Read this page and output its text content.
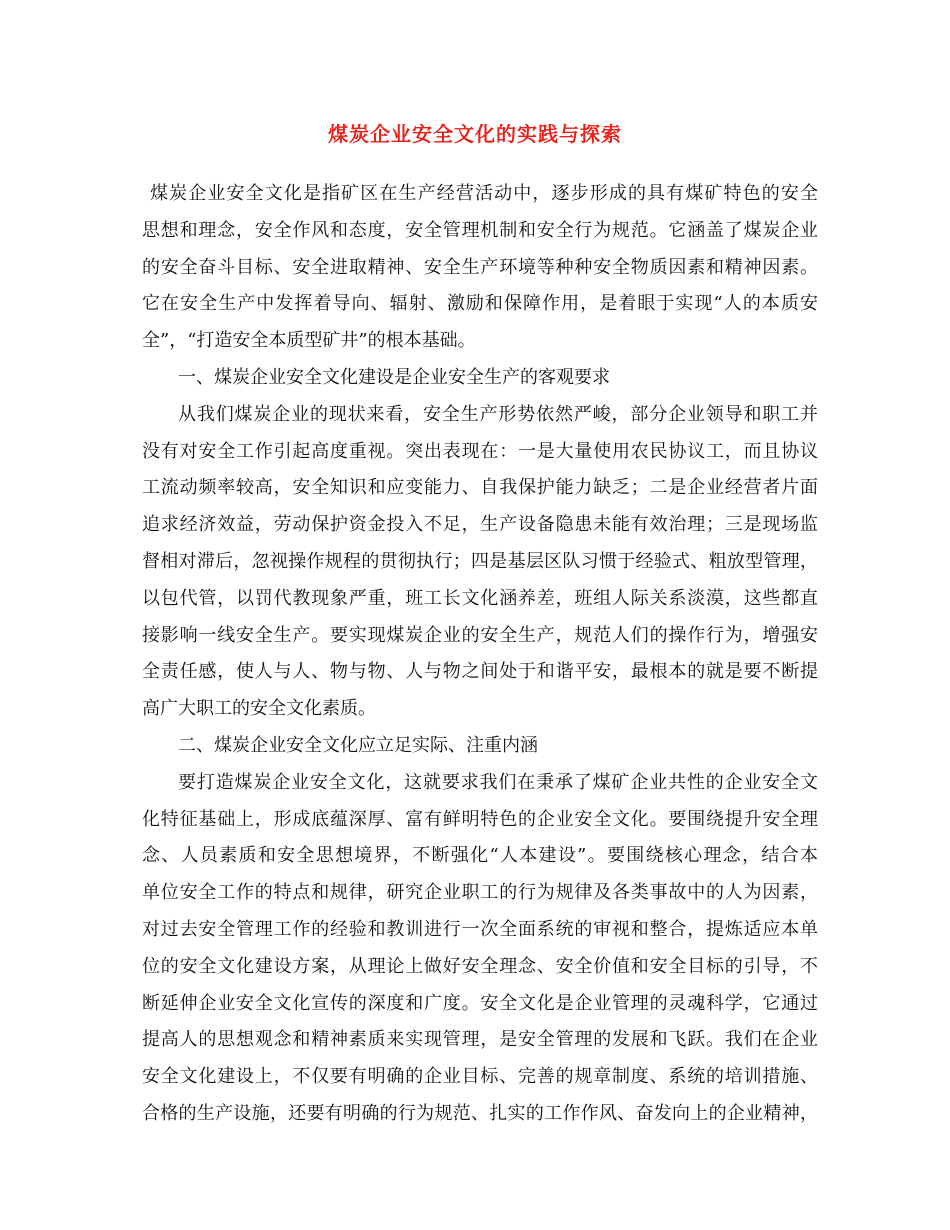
煤炭企业安全文化的实践与探索
煤炭企业安全文化是指矿区在生产经营活动中，逐步形成的具有煤矿特色的安全
思想和理念，安全作风和态度，安全管理机制和安全行为规范。它涵盖了煤炭企业
的安全奋斗目标、安全进取精神、安全生产环境等种种安全物质因素和精神因素。
它在安全生产中发挥着导向、辐射、激励和保障作用，是着眼于实现“人的本质安
全”，“打造安全本质型矿井”的根本基础。
一、煤炭企业安全文化建设是企业安全生产的客观要求
从我们煤炭企业的现状来看，安全生产形势依然严峻，部分企业领导和职工并
没有对安全工作引起高度重视。突出表现在：一是大量使用农民协议工，而且协议
工流动频率较高，安全知识和应变能力、自我保护能力缺乏；二是企业经营者片面
追求经济效益，劳动保护资金投入不足，生产设备隐患未能有效治理；三是现场监
督相对滞后，忽视操作规程的贯彻执行；四是基层区队习惯于经验式、粗放型管理，
以包代管，以罚代教现象严重，班工长文化涵养差，班组人际关系淡漠，这些都直
接影响一线安全生产。要实现煤炭企业的安全生产，规范人们的操作行为，增强安
全责任感，使人与人、物与物、人与物之间处于和谐平安，最根本的就是要不断提
高广大职工的安全文化素质。
二、煤炭企业安全文化应立足实际、注重内涵
要打造煤炭企业安全文化，这就要求我们在秉承了煤矿企业共性的企业安全文
化特征基础上，形成底蕴深厚、富有鲜明特色的企业安全文化。要围绕提升安全理
念、人员素质和安全思想境界，不断强化“人本建设”。要围绕核心理念，结合本
单位安全工作的特点和规律，研究企业职工的行为规律及各类事故中的人为因素，
对过去安全管理工作的经验和教训进行一次全面系统的审视和整合，提炼适应本单
位的安全文化建设方案，从理论上做好安全理念、安全价值和安全目标的引导，不
断延伸企业安全文化宣传的深度和广度。安全文化是企业管理的灵魂科学，它通过
提高人的思想观念和精神素质来实现管理，是安全管理的发展和飞跃。我们在企业
安全文化建设上，不仅要有明确的企业目标、完善的规章制度、系统的培训措施、
合格的生产设施，还要有明确的行为规范、扎实的工作作风、奋发向上的企业精神，
